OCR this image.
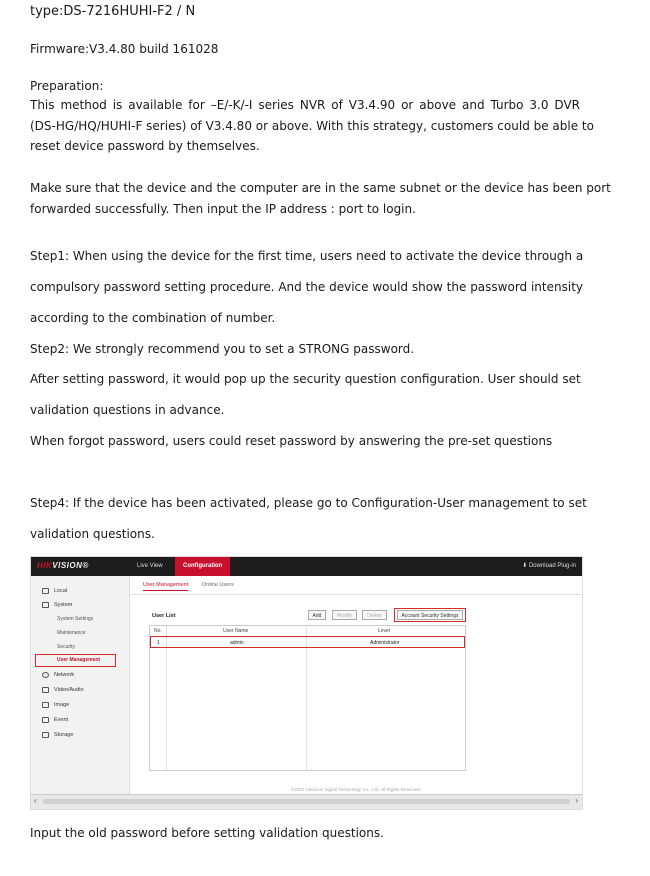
type:DS-7216HUHI-F2 / N

Firmware:V3.4.80 build 161028

Preparation:

This method is available for –E/-K/-I series NVR of V3.4.90 or above and Turbo 3.0 DVR

(DS-HG/HQ/HUHI-F series) of V3.4.80 or above. With this strategy, customers could be able to

reset device password by themselves.

Make sure that the device and the computer are in the same subnet or the device has been port

forwarded successfully. Then input the IP address : port to login.

Step1: When using the device for the first time, users need to activate the device through a

compulsory password setting procedure. And the device would show the password intensity

according to the combination of number.

Step2: We strongly recommend you to set a STRONG password.

After setting password, it would pop up the security question configuration. User should set

validation questions in advance.

When forgot password, users could reset password by answering the pre-set questions

Step4: If the device has been activated, please go to Configuration-User management to set

validation questions.

HIKVISION®	Live View	Configuration	⬇ Download Plug-in
Local
System
System Settings
Maintenance
Security
User Management
Network
Video/Audio
Image
Event
Storage
User Management	Online Users
User List	Add	Modify	Delete	Account Security Settings
No.	User Name	Level
1	admin	Administrator
©2020 Hikvision Digital Technology Co., Ltd. All Rights Reserved.
‹	›

Input the old password before setting validation questions.
